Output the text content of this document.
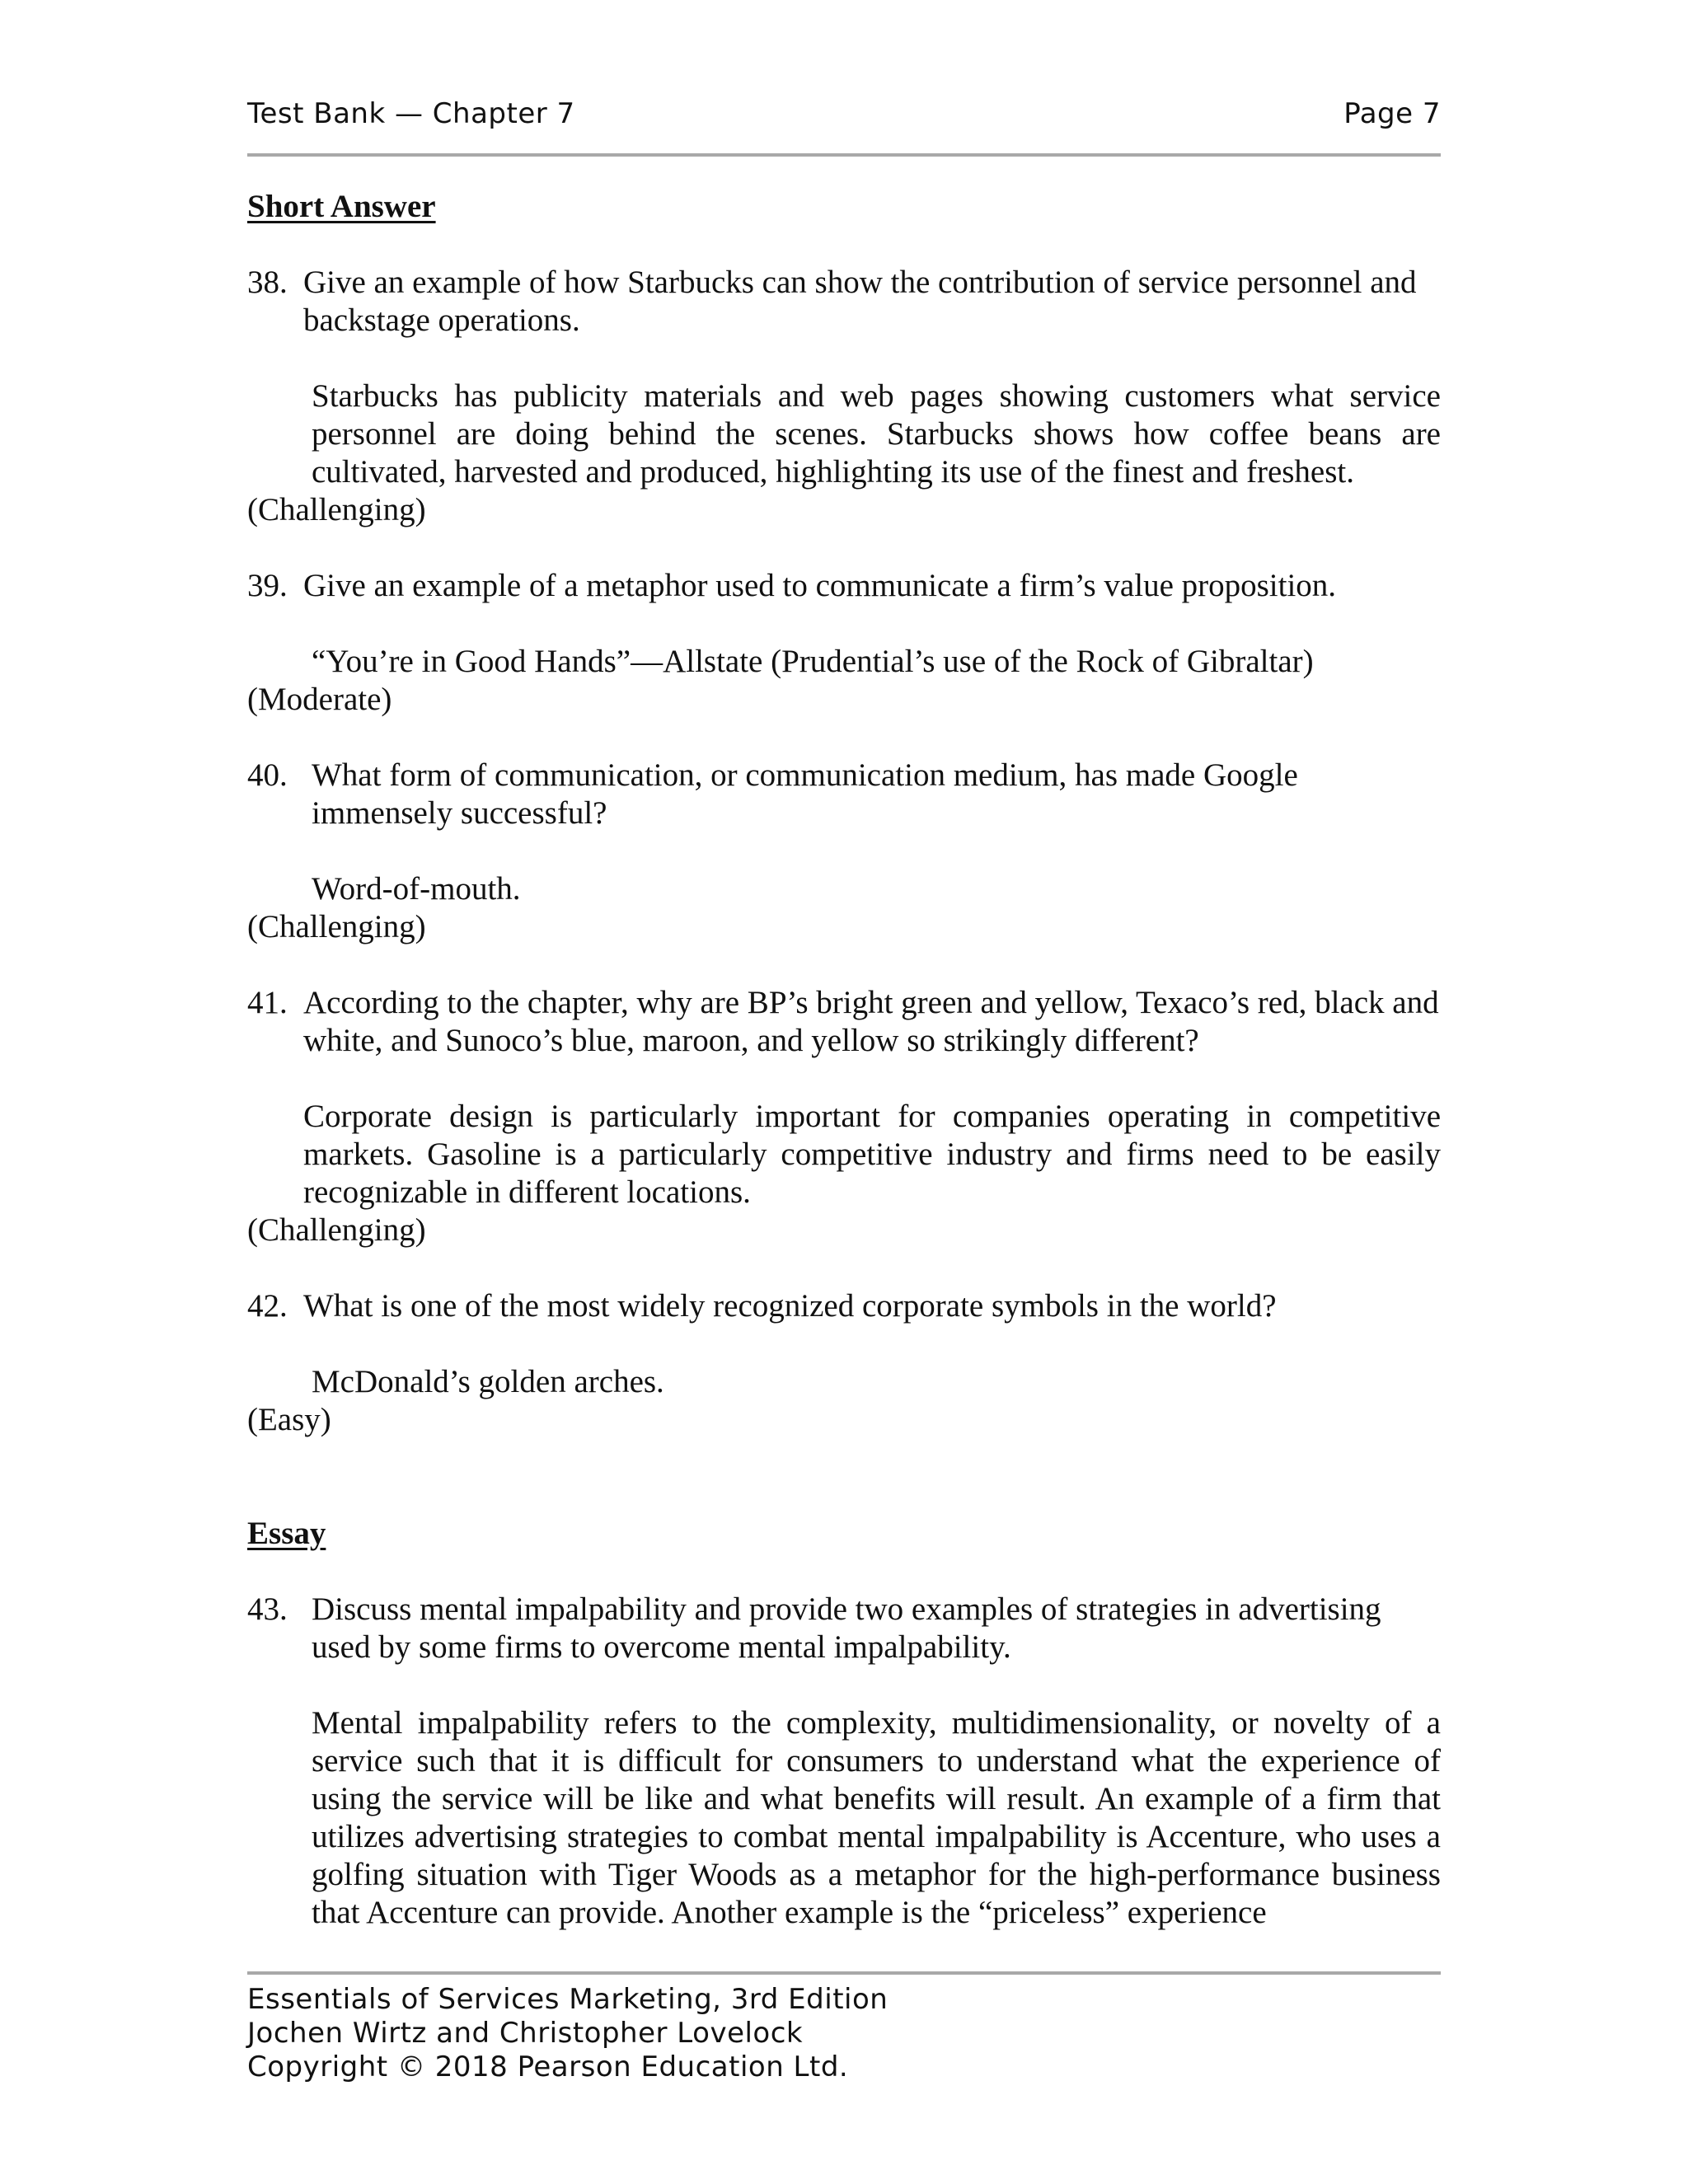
Test Bank — Chapter 7	Page 7

Short Answer

38. Give an example of how Starbucks can show the contribution of service personnel and backstage operations.

Starbucks has publicity materials and web pages showing customers what service personnel are doing behind the scenes. Starbucks shows how coffee beans are cultivated, harvested and produced, highlighting its use of the finest and freshest.

(Challenging)

39. Give an example of a metaphor used to communicate a firm’s value proposition.

“You’re in Good Hands”—Allstate (Prudential’s use of the Rock of Gibraltar)

(Moderate)

40. What form of communication, or communication medium, has made Google immensely successful?

Word-of-mouth.

(Challenging)

41. According to the chapter, why are BP’s bright green and yellow, Texaco’s red, black and white, and Sunoco’s blue, maroon, and yellow so strikingly different?

Corporate design is particularly important for companies operating in competitive markets. Gasoline is a particularly competitive industry and firms need to be easily recognizable in different locations.

(Challenging)

42. What is one of the most widely recognized corporate symbols in the world?

McDonald’s golden arches.

(Easy)

Essay

43. Discuss mental impalpability and provide two examples of strategies in advertising used by some firms to overcome mental impalpability.

Mental impalpability refers to the complexity, multidimensionality, or novelty of a service such that it is difficult for consumers to understand what the experience of using the service will be like and what benefits will result. An example of a firm that utilizes advertising strategies to combat mental impalpability is Accenture, who uses a golfing situation with Tiger Woods as a metaphor for the high-performance business that Accenture can provide. Another example is the “priceless” experience

Essentials of Services Marketing, 3rd Edition
Jochen Wirtz and Christopher Lovelock
Copyright © 2018 Pearson Education Ltd.
